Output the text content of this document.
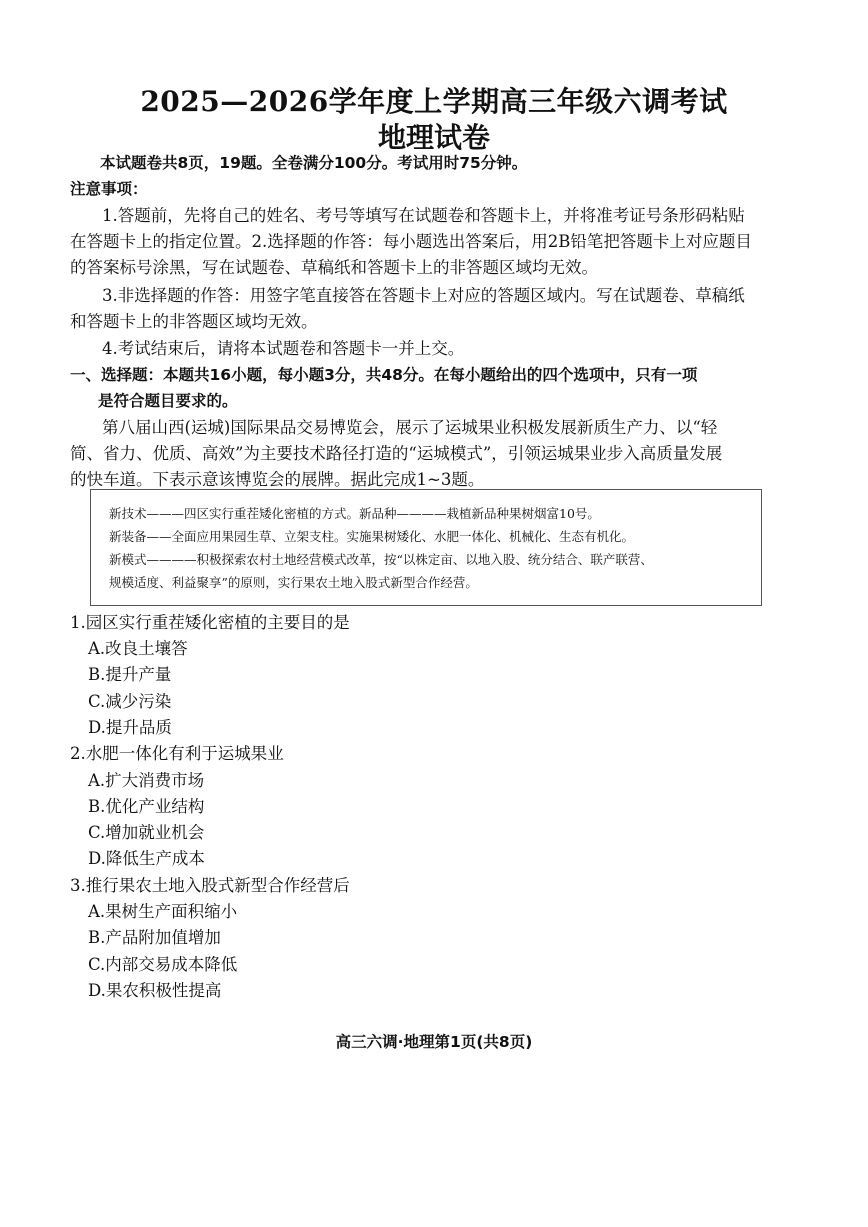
2025—2026学年度上学期高三年级六调考试
地理试卷
本试题卷共8页，19题。全卷满分100分。考试用时75分钟。
注意事项：
1.答题前，先将自己的姓名、考号等填写在试题卷和答题卡上，并将准考证号条形码粘贴
在答题卡上的指定位置。2.选择题的作答：每小题选出答案后，用2B铅笔把答题卡上对应题目
的答案标号涂黑，写在试题卷、草稿纸和答题卡上的非答题区域均无效。
3.非选择题的作答：用签字笔直接答在答题卡上对应的答题区域内。写在试题卷、草稿纸
和答题卡上的非答题区域均无效。
4.考试结束后，请将本试题卷和答题卡一并上交。
一、选择题：本题共16小题，每小题3分，共48分。在每小题给出的四个选项中，只有一项
是符合题目要求的。
第八届山西(运城)国际果品交易博览会，展示了运城果业积极发展新质生产力、以“轻
简、省力、优质、高效”为主要技术路径打造的“运城模式”，引领运城果业步入高质量发展
的快车道。下表示意该博览会的展牌。据此完成1~3题。
新技术———四区实行重茬矮化密植的方式。新品种————栽植新品种果树烟富10号。
新装备——全面应用果园生草、立架支柱。实施果树矮化、水肥一体化、机械化、生态有机化。
新模式————积极探索农村土地经营模式改革，按“以株定亩、以地入股、统分结合、联产联营、
规模适度、利益聚享”的原则，实行果农土地入股式新型合作经营。
1.园区实行重茬矮化密植的主要目的是
A.改良土壤答
B.提升产量
C.减少污染
D.提升品质
2.水肥一体化有利于运城果业
A.扩大消费市场
B.优化产业结构
C.增加就业机会
D.降低生产成本
3.推行果农土地入股式新型合作经营后
A.果树生产面积缩小
B.产品附加值增加
C.内部交易成本降低
D.果农积极性提高
高三六调·地理第1页(共8页)
